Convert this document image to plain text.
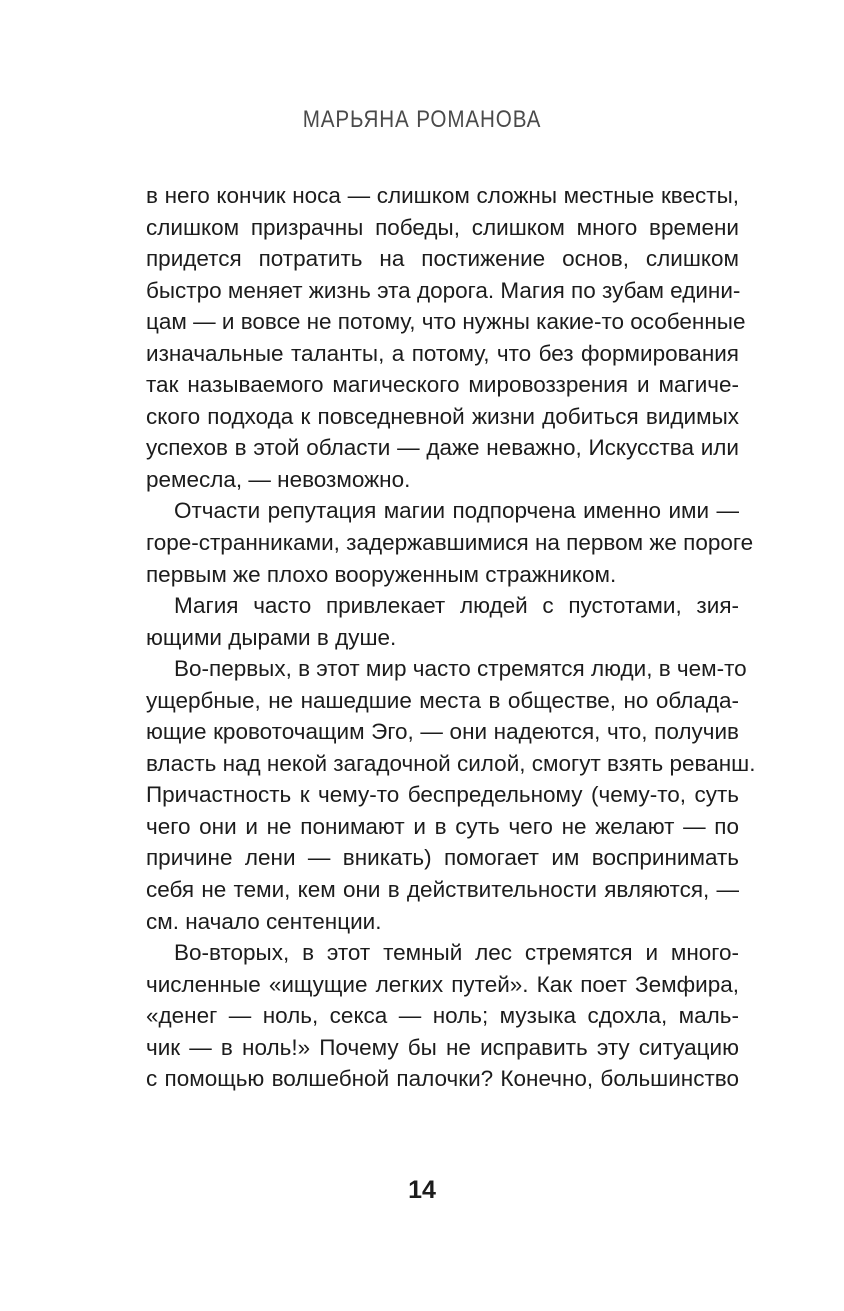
МАРЬЯНА РОМАНОВА
в него кончик носа — слишком сложны местные квесты,
слишком призрачны победы, слишком много времени
придется потратить на постижение основ, слишком
быстро меняет жизнь эта дорога. Магия по зубам едини-
цам — и вовсе не потому, что нужны какие-то особенные
изначальные таланты, а потому, что без формирования
так называемого магического мировоззрения и магиче-
ского подхода к повседневной жизни добиться видимых
успехов в этой области — даже неважно, Искусства или
ремесла, — невозможно.
Отчасти репутация магии подпорчена именно ими —
горе-странниками, задержавшимися на первом же пороге
первым же плохо вооруженным стражником.
Магия часто привлекает людей с пустотами, зия-
ющими дырами в душе.
Во-первых, в этот мир часто стремятся люди, в чем-то
ущербные, не нашедшие места в обществе, но облада-
ющие кровоточащим Эго, — они надеются, что, получив
власть над некой загадочной силой, смогут взять реванш.
Причастность к чему-то беспредельному (чему-то, суть
чего они и не понимают и в суть чего не желают — по
причине лени — вникать) помогает им воспринимать
себя не теми, кем они в действительности являются, —
см. начало сентенции.
Во-вторых, в этот темный лес стремятся и много-
численные «ищущие легких путей». Как поет Земфира,
«денег — ноль, секса — ноль; музыка сдохла, маль-
чик — в ноль!» Почему бы не исправить эту ситуацию
с помощью волшебной палочки? Конечно, большинство
14
